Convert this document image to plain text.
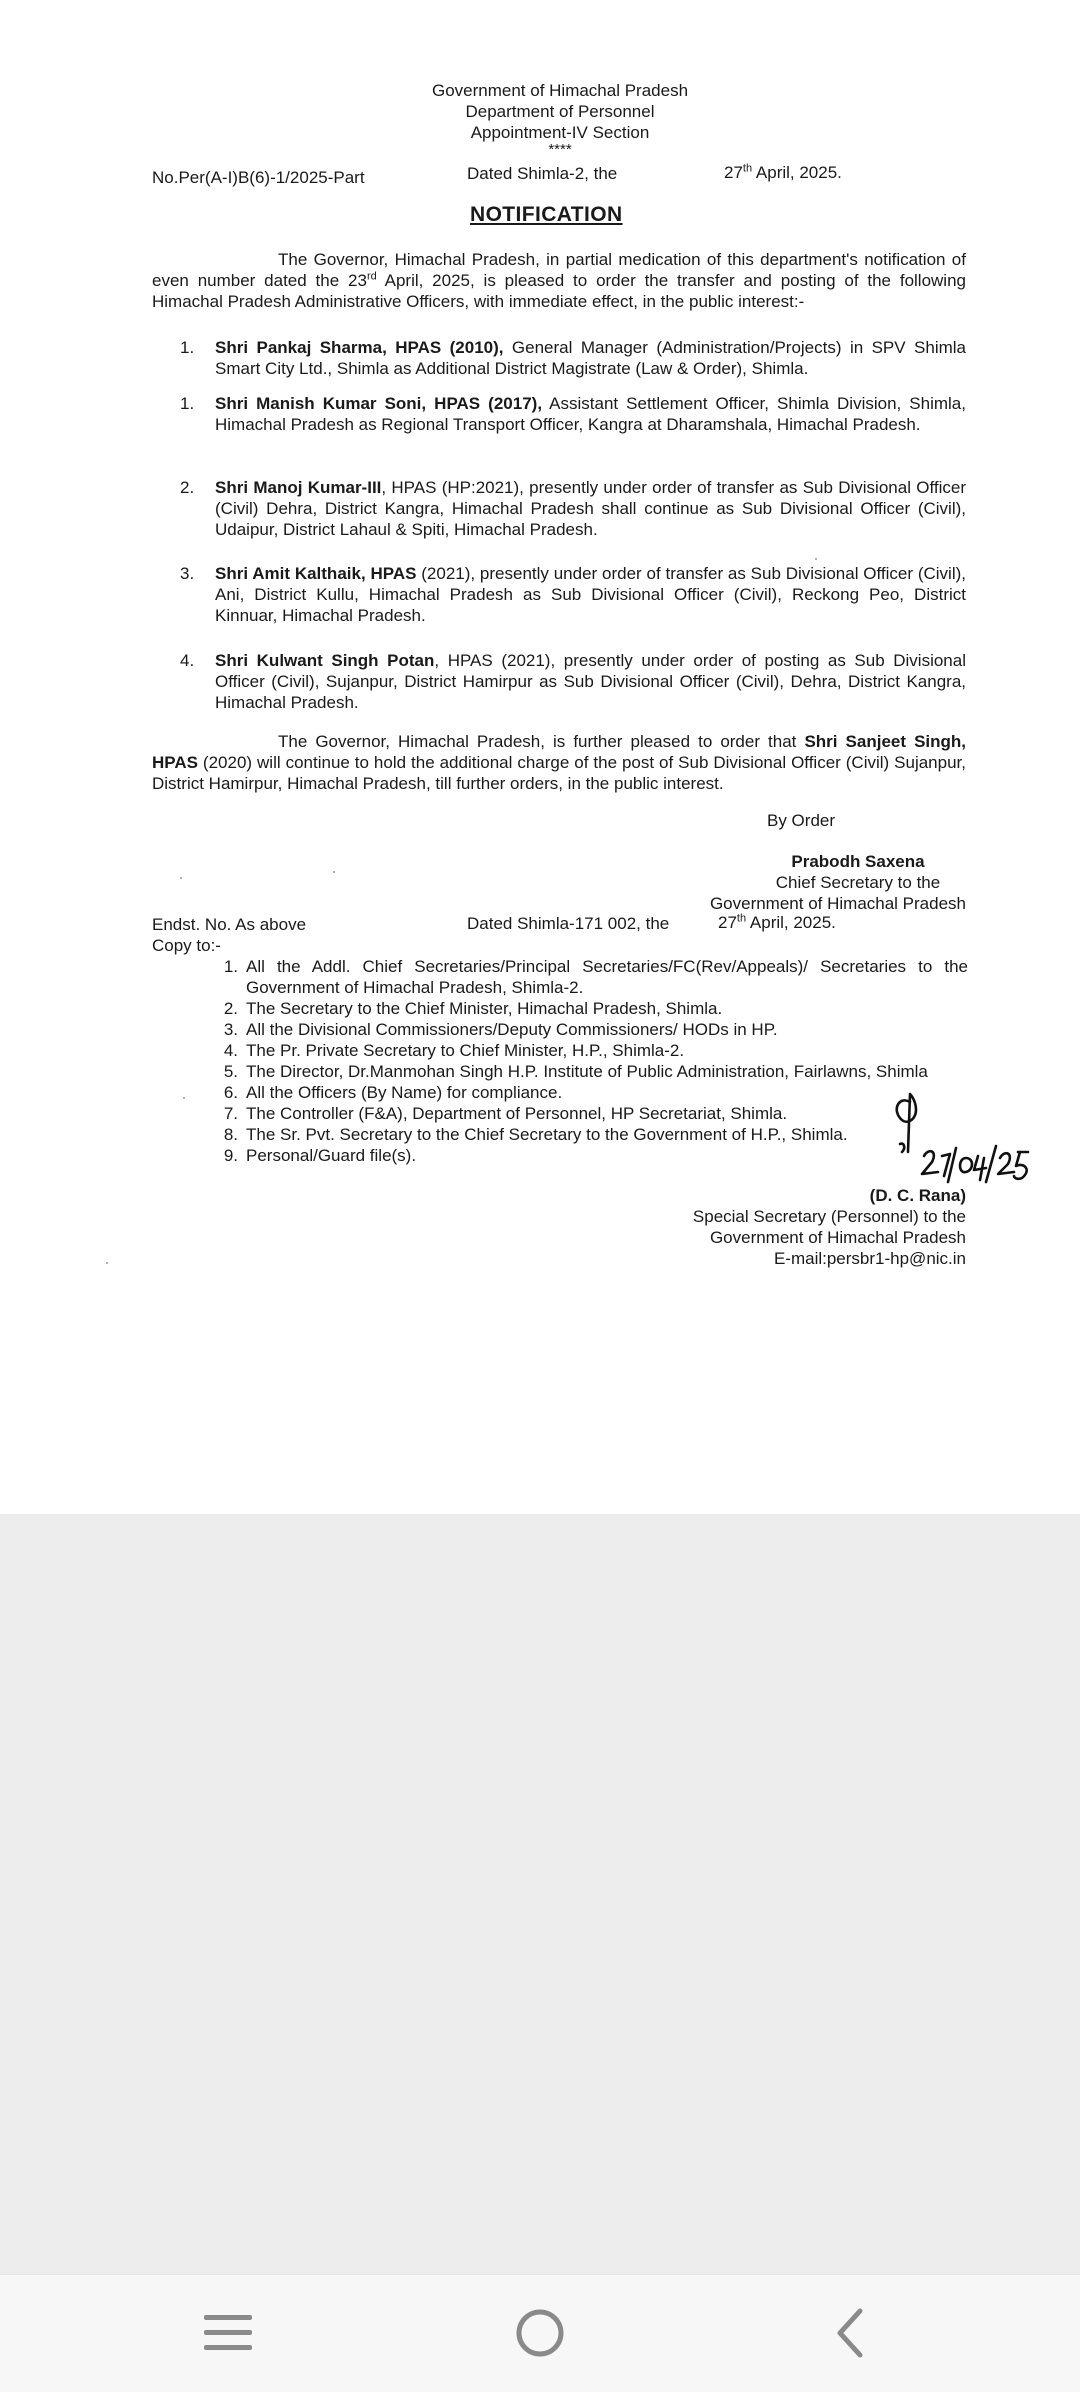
Government of Himachal Pradesh
Department of Personnel
Appointment-IV Section
****
No.Per(A-I)B(6)-1/2025-Part	Dated Shimla-2, the	27th April, 2025.
NOTIFICATION

The Governor, Himachal Pradesh, in partial medication of this department's notification of even number dated the 23rd April, 2025, is pleased to order the transfer and posting of the following Himachal Pradesh Administrative Officers, with immediate effect, in the public interest:-

1.	Shri Pankaj Sharma, HPAS (2010), General Manager (Administration/Projects) in SPV Shimla Smart City Ltd., Shimla as Additional District Magistrate (Law & Order), Shimla.
1.	Shri Manish Kumar Soni, HPAS (2017), Assistant Settlement Officer, Shimla Division, Shimla, Himachal Pradesh as Regional Transport Officer, Kangra at Dharamshala, Himachal Pradesh.
2.	Shri Manoj Kumar-III, HPAS (HP:2021), presently under order of transfer as Sub Divisional Officer (Civil) Dehra, District Kangra, Himachal Pradesh shall continue as Sub Divisional Officer (Civil), Udaipur, District Lahaul & Spiti, Himachal Pradesh.
3.	Shri Amit Kalthaik, HPAS (2021), presently under order of transfer as Sub Divisional Officer (Civil), Ani, District Kullu, Himachal Pradesh as Sub Divisional Officer (Civil), Reckong Peo, District Kinnuar, Himachal Pradesh.
4.	Shri Kulwant Singh Potan, HPAS (2021), presently under order of posting as Sub Divisional Officer (Civil), Sujanpur, District Hamirpur as Sub Divisional Officer (Civil), Dehra, District Kangra, Himachal Pradesh.

The Governor, Himachal Pradesh, is further pleased to order that Shri Sanjeet Singh, HPAS (2020) will continue to hold the additional charge of the post of Sub Divisional Officer (Civil) Sujanpur, District Hamirpur, Himachal Pradesh, till further orders, in the public interest.

By Order
Prabodh Saxena
Chief Secretary to the
Government of Himachal Pradesh
Endst. No. As above	Dated Shimla-171 002, the	27th April, 2025.
Copy to:-
1. All the Addl. Chief Secretaries/Principal Secretaries/FC(Rev/Appeals)/ Secretaries to the Government of Himachal Pradesh, Shimla-2.
2. The Secretary to the Chief Minister, Himachal Pradesh, Shimla.
3. All the Divisional Commissioners/Deputy Commissioners/ HODs in HP.
4. The Pr. Private Secretary to Chief Minister, H.P., Shimla-2.
5. The Director, Dr.Manmohan Singh H.P. Institute of Public Administration, Fairlawns, Shimla
6. All the Officers (By Name) for compliance.
7. The Controller (F&A), Department of Personnel, HP Secretariat, Shimla.
8. The Sr. Pvt. Secretary to the Chief Secretary to the Government of H.P., Shimla.
9. Personal/Guard file(s).
(D. C. Rana)
Special Secretary (Personnel) to the
Government of Himachal Pradesh
E-mail:persbr1-hp@nic.in
